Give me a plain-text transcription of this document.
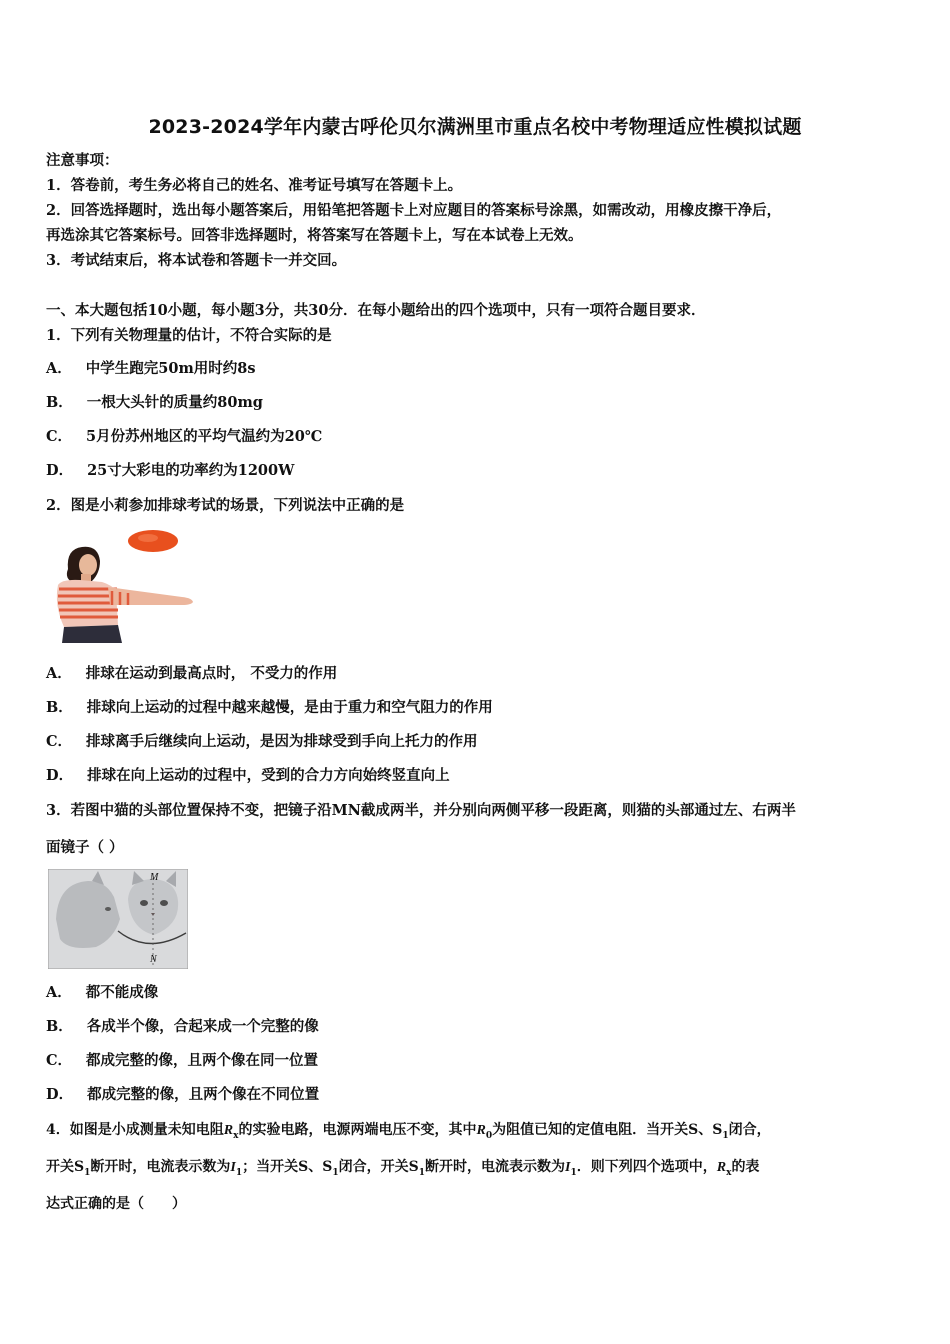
2023-2024学年内蒙古呼伦贝尔满洲里市重点名校中考物理适应性模拟试题
注意事项：
1．答卷前，考生务必将自己的姓名、准考证号填写在答题卡上。
2．回答选择题时，选出每小题答案后，用铅笔把答题卡上对应题目的答案标号涂黑，如需改动，用橡皮擦干净后，
再选涂其它答案标号。回答非选择题时，将答案写在答题卡上，写在本试卷上无效。
3．考试结束后，将本试卷和答题卡一并交回。
一、本大题包括10小题，每小题3分，共30分．在每小题给出的四个选项中，只有一项符合题目要求．
1．下列有关物理量的估计，不符合实际的是
A． 中学生跑完50m用时约8s
B． 一根大头针的质量约80mg
C． 5月份苏州地区的平均气温约为20℃
D． 25寸大彩电的功率约为1200W
2．图是小莉参加排球考试的场景，下列说法中正确的是
A． 排球在运动到最高点时， 不受力的作用
B． 排球向上运动的过程中越来越慢，是由于重力和空气阻力的作用
C． 排球离手后继续向上运动，是因为排球受到手向上托力的作用
D． 排球在向上运动的过程中，受到的合力方向始终竖直向上
3．若图中猫的头部位置保持不变，把镜子沿MN截成两半，并分别向两侧平移一段距离，则猫的头部通过左、右两半
面镜子（ ）
M
N
A． 都不能成像
B． 各成半个像，合起来成一个完整的像
C． 都成完整的像，且两个像在同一位置
D． 都成完整的像，且两个像在不同位置
4．如图是小成测量未知电阻$R_x$的实验电路，电源两端电压不变，其中$R_0$为阻值已知的定值电阻．当开关S、$S_1$闭合，
开关$S_1$断开时，电流表示数为$I_1$；当开关S、$S_1$闭合，开关$S_1$断开时，电流表示数为$I_1$．则下列四个选项中，$R_x$的表
达式正确的是（　　）
